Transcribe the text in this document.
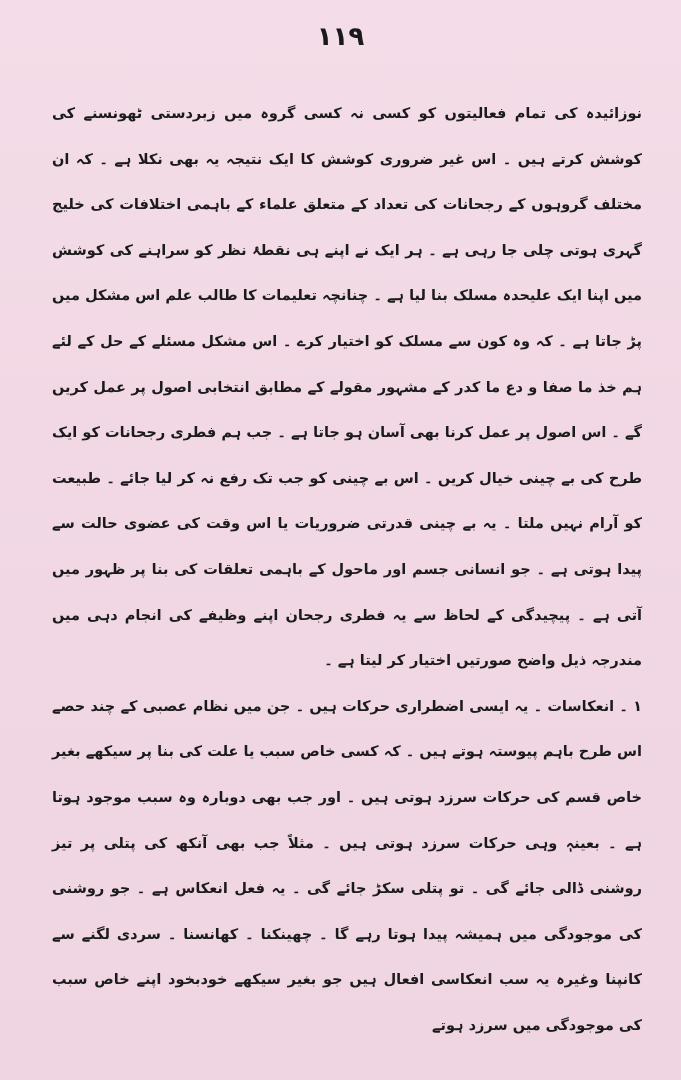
۱۱۹

نوزائیدہ کی تمام فعالیتوں کو کسی نہ کسی گروہ میں زبردستی ٹھونسنے کی کوشش کرتے ہیں ۔ اس غیر ضروری کوشش کا ایک نتیجہ یہ بھی نکلا ہے ۔ کہ ان مختلف گروہوں کے رجحانات کی تعداد کے متعلق علماء کے باہمی اختلافات کی خلیج گہری ہوتی چلی جا رہی ہے ۔ ہر ایک نے اپنے ہی نقطۂ نظر کو سراہنے کی کوشش میں اپنا ایک علیحدہ مسلک بنا لیا ہے ۔ چنانچہ تعلیمات کا طالب علم اس مشکل میں پڑ جاتا ہے ۔ کہ وہ کون سے مسلک کو اختیار کرے ۔ اس مشکل مسئلے کے حل کے لئے ہم خذ ما صفا و دع ما کدر کے مشہور مقولے کے مطابق انتخابی اصول پر عمل کریں گے ۔ اس اصول پر عمل کرنا بھی آسان ہو جاتا ہے ۔ جب ہم فطری رجحانات کو ایک طرح کی بے چینی خیال کریں ۔ اس بے چینی کو جب تک رفع نہ کر لیا جائے ۔ طبیعت کو آرام نہیں ملتا ۔ یہ بے چینی قدرتی ضروریات یا اس وقت کی عضوی حالت سے پیدا ہوتی ہے ۔ جو انسانی جسم اور ماحول کے باہمی تعلقات کی بنا پر ظہور میں آتی ہے ۔ پیچیدگی کے لحاظ سے یہ فطری رجحان اپنے وظیفے کی انجام دہی میں مندرجہ ذیل واضح صورتیں اختیار کر لیتا ہے ۔

۱ ۔ انعکاسات ۔ یہ ایسی اضطراری حرکات ہیں ۔ جن میں نظام عصبی کے چند حصے اس طرح باہم پیوستہ ہوتے ہیں ۔ کہ کسی خاص سبب یا علت کی بنا پر سیکھے بغیر خاص قسم کی حرکات سرزد ہوتی ہیں ۔ اور جب بھی دوبارہ وہ سبب موجود ہوتا ہے ۔ بعینہٖ وہی حرکات سرزد ہوتی ہیں ۔ مثلاً جب بھی آنکھ کی پتلی پر تیز روشنی ڈالی جائے گی ۔ تو پتلی سکڑ جائے گی ۔ یہ فعل انعکاس ہے ۔ جو روشنی کی موجودگی میں ہمیشہ پیدا ہوتا رہے گا ۔ چھینکنا ۔ کھانسنا ۔ سردی لگنے سے کانپنا وغیرہ یہ سب انعکاسی افعال ہیں جو بغیر سیکھے خودبخود اپنے خاص سبب کی موجودگی میں سرزد ہوتے
